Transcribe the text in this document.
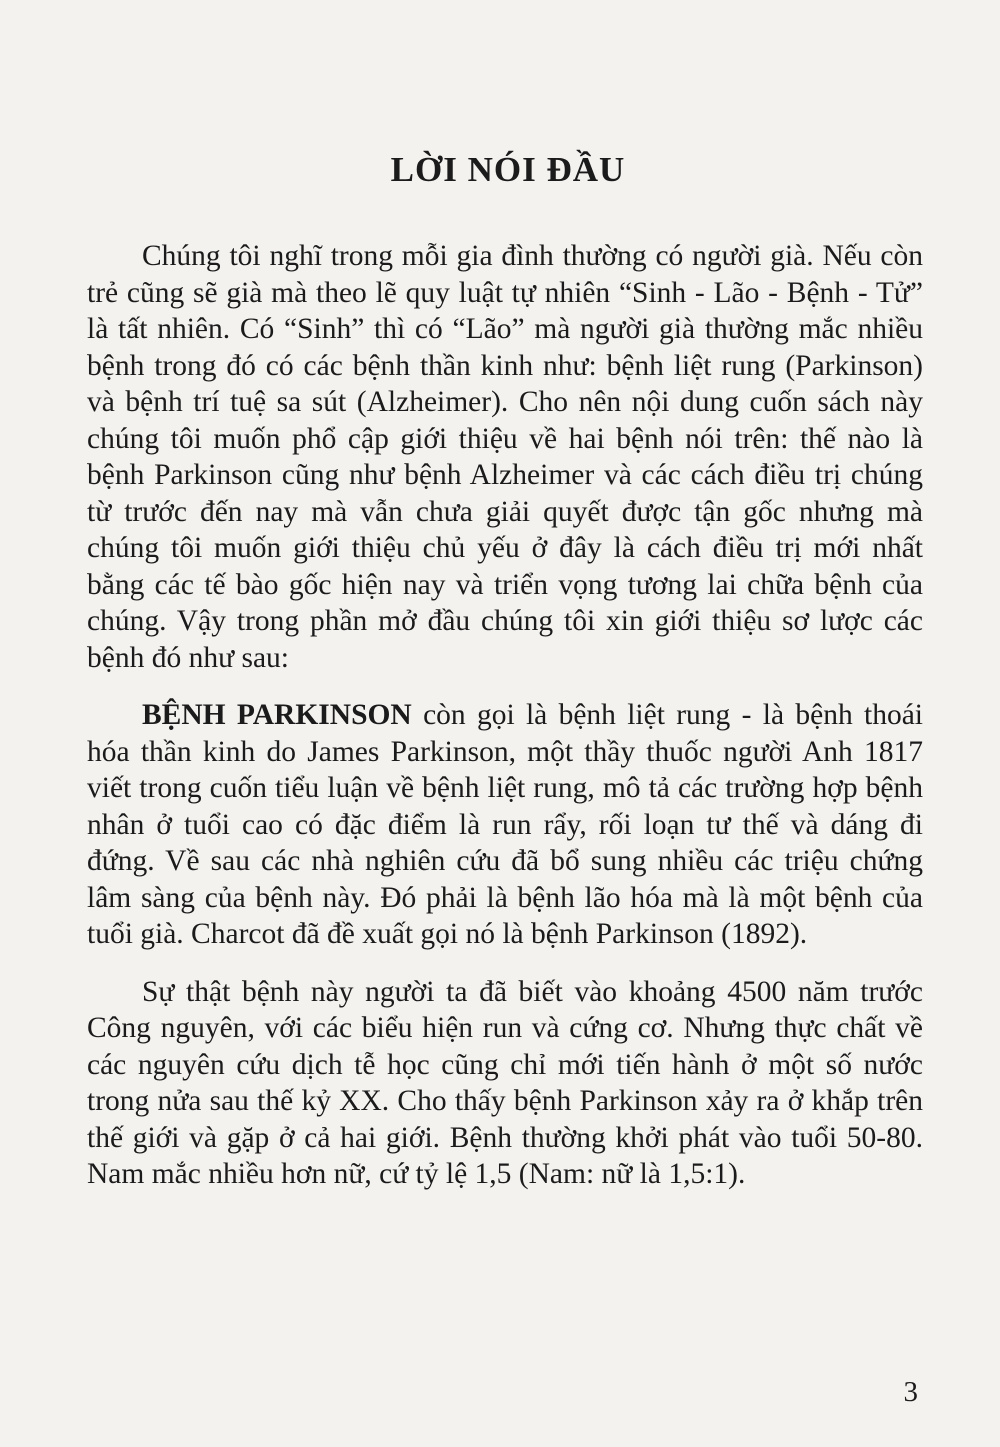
LỜI NÓI ĐẦU

Chúng tôi nghĩ trong mỗi gia đình thường có người già. Nếu còn trẻ cũng sẽ già mà theo lẽ quy luật tự nhiên “Sinh - Lão - Bệnh - Tử” là tất nhiên. Có “Sinh” thì có “Lão” mà người già thường mắc nhiều bệnh trong đó có các bệnh thần kinh như: bệnh liệt rung (Parkinson) và bệnh trí tuệ sa sút (Alzheimer). Cho nên nội dung cuốn sách này chúng tôi muốn phổ cập giới thiệu về hai bệnh nói trên: thế nào là bệnh Parkinson cũng như bệnh Alzheimer và các cách điều trị chúng từ trước đến nay mà vẫn chưa giải quyết được tận gốc nhưng mà chúng tôi muốn giới thiệu chủ yếu ở đây là cách điều trị mới nhất bằng các tế bào gốc hiện nay và triển vọng tương lai chữa bệnh của chúng. Vậy trong phần mở đầu chúng tôi xin giới thiệu sơ lược các bệnh đó như sau:

BỆNH PARKINSON còn gọi là bệnh liệt rung - là bệnh thoái hóa thần kinh do James Parkinson, một thầy thuốc người Anh 1817 viết trong cuốn tiểu luận về bệnh liệt rung, mô tả các trường hợp bệnh nhân ở tuổi cao có đặc điểm là run rẩy, rối loạn tư thế và dáng đi đứng. Về sau các nhà nghiên cứu đã bổ sung nhiều các triệu chứng lâm sàng của bệnh này. Đó phải là bệnh lão hóa mà là một bệnh của tuổi già. Charcot đã đề xuất gọi nó là bệnh Parkinson (1892).

Sự thật bệnh này người ta đã biết vào khoảng 4500 năm trước Công nguyên, với các biểu hiện run và cứng cơ. Nhưng thực chất về các nguyên cứu dịch tễ học cũng chỉ mới tiến hành ở một số nước trong nửa sau thế kỷ XX. Cho thấy bệnh Parkinson xảy ra ở khắp trên thế giới và gặp ở cả hai giới. Bệnh thường khởi phát vào tuổi 50-80. Nam mắc nhiều hơn nữ, cứ tỷ lệ 1,5 (Nam: nữ là 1,5:1).

3
